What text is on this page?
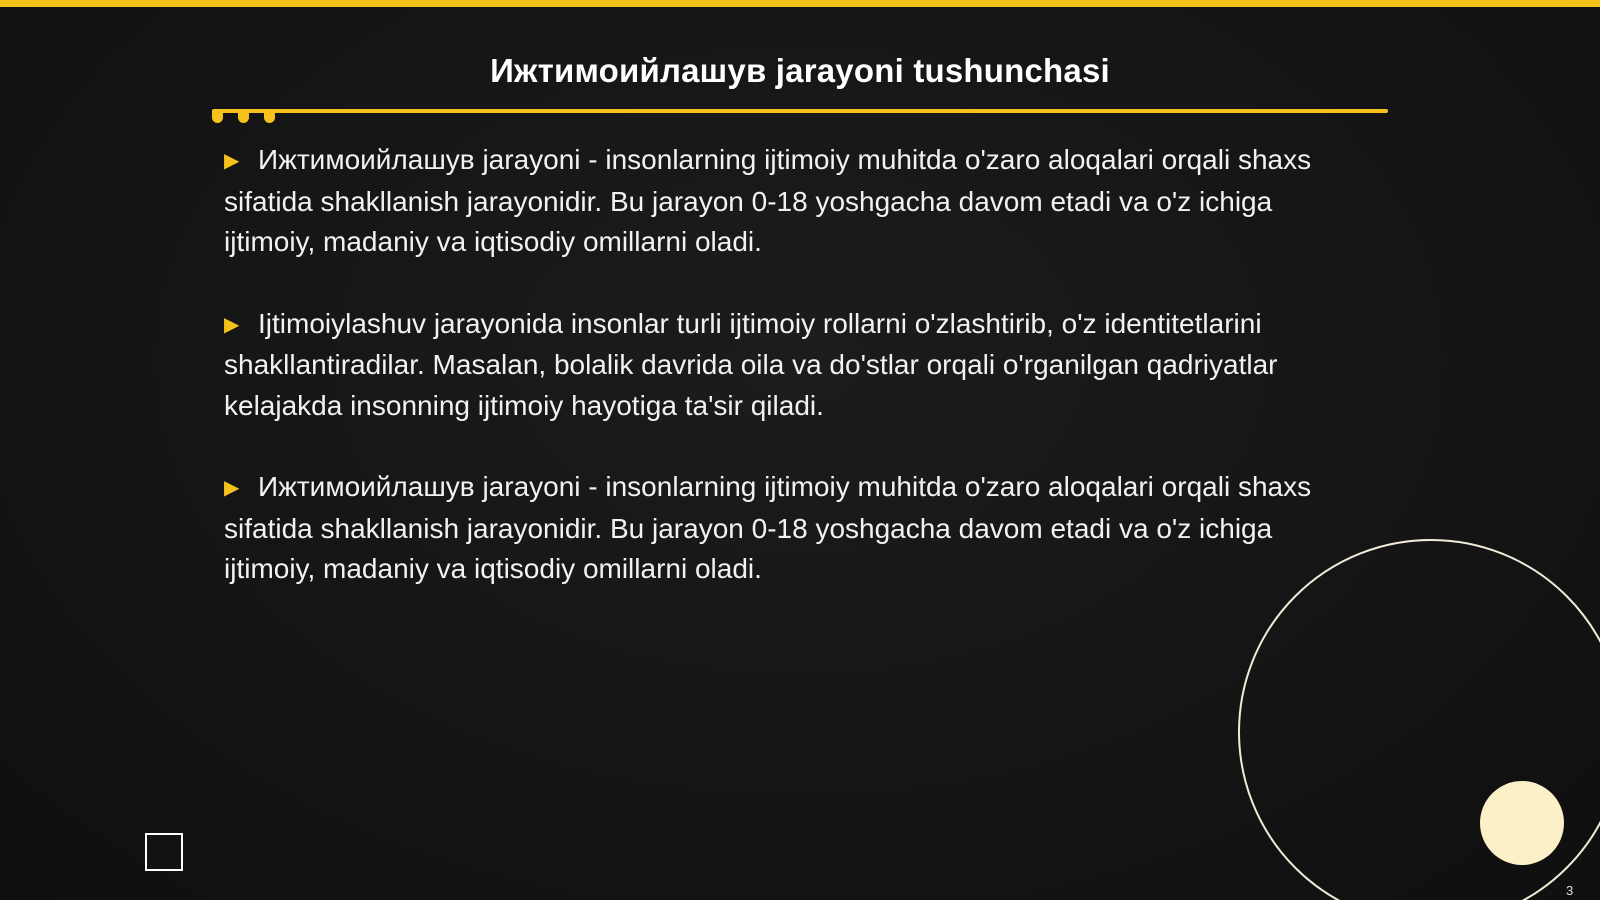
Ижтимоийлашув jarayoni tushunchasi
▶ Ижтимоийлашув jarayoni - insonlarning ijtimoiy muhitda o'zaro aloqalari orqali shaxs sifatida shakllanish jarayonidir. Bu jarayon 0-18 yoshgacha davom etadi va o'z ichiga ijtimoiy, madaniy va iqtisodiy omillarni oladi.
▶ Ijtimoiylashuv jarayonida insonlar turli ijtimoiy rollarni o'zlashtirib, o'z identitetlarini shakllantiradilar. Masalan, bolalik davrida oila va do'stlar orqali o'rganilgan qadriyatlar kelajakda insonning ijtimoiy hayotiga ta'sir qiladi.
▶ Ижтимоийлашув jarayoni - insonlarning ijtimoiy muhitda o'zaro aloqalari orqali shaxs sifatida shakllanish jarayonidir. Bu jarayon 0-18 yoshgacha davom etadi va o'z ichiga ijtimoiy, madaniy va iqtisodiy omillarni oladi.
3
